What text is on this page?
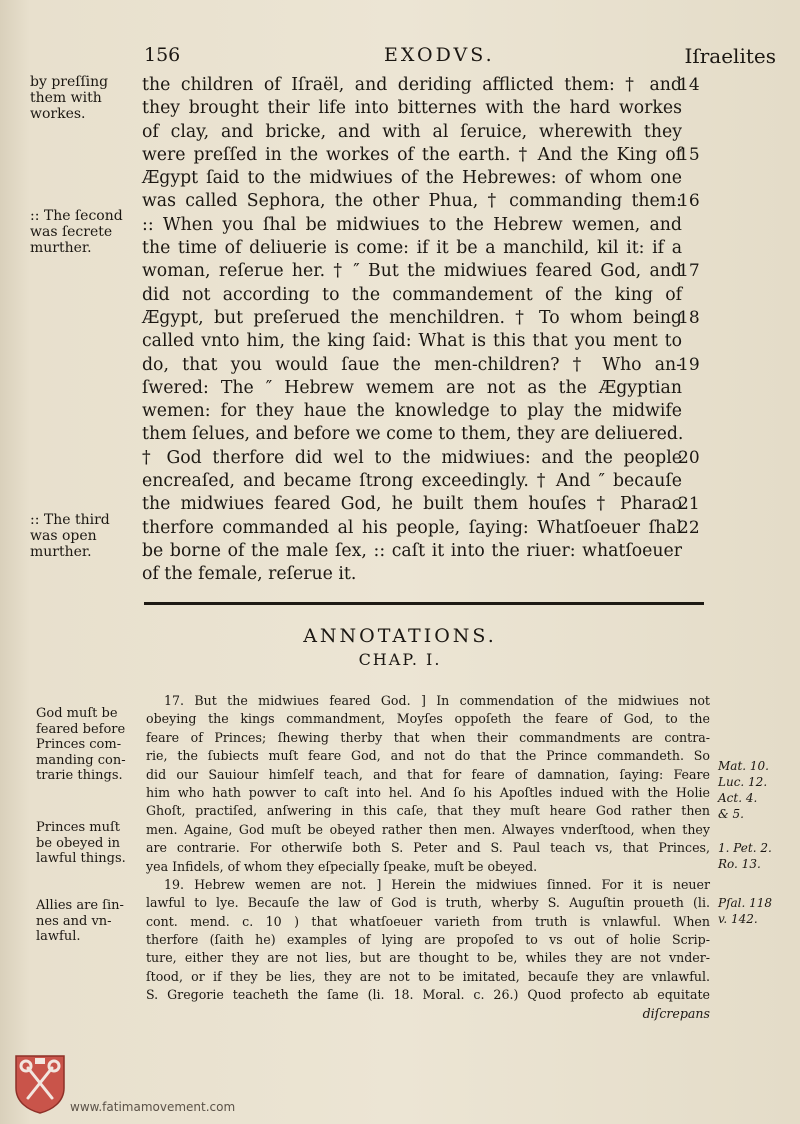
156	EXODVS.	Iſraelites
by preſſing
them with
workes.
:: The ſecond
was ſecrete
murther.
:: The third
was open
murther.
the children of Iſraël, and deriding afflicted them: † and
they brought their life into bitternes with the hard workes
of clay, and bricke, and with al ſeruice, wherewith they
were preſſed in the workes of the earth. † And the King of
Ægypt ſaid to the midwiues of the Hebrewes: of whom one
was called Sephora, the other Phua, † commanding them:
:: When you ſhal be midwiues to the Hebrew wemen, and
the time of deliuerie is come: if it be a manchild, kil it: if a
woman, reſerue her. † ″ But the midwiues feared God, and
did not according to the commandement of the king of
Ægypt, but preſerued the menchildren. † To whom being
called vnto him, the king ſaid: What is this that you ment to
do, that you would ſaue the men-children? † Who an-
ſwered: The ″ Hebrew wemem are not as the Ægyptian
wemen: for they haue the knowledge to play the midwife
them ſelues, and before we come to them, they are deliuered.
† God therfore did wel to the midwiues: and the people
encreaſed, and became ſtrong exceedingly. † And ″ becauſe
the midwiues feared God, he built them houſes † Pharao
therfore commanded al his people, ſaying: Whatſoeuer ſhal
be borne of the male ſex, :: caſt it into the riuer: whatſoeuer
of the female, reſerue it.
14
15
16
17
18
19
20
21
22
ANNOTATIONS.
CHAP. I.
God muſt be
feared before
Princes com-
manding con-
trarie things.
Princes muſt
be obeyed in
lawful things.
Allies are ſin-
nes and vn-
lawful.
17. But the midwiues feared God. ] In commendation of the midwiues not
obeying the kings commandment, Moyſes oppoſeth the feare of God, to the
feare of Princes; ſhewing therby that when their commandments are contra-
rie, the ſubiects muſt feare God, and not do that the Prince commandeth. So
did our Sauiour himſelf teach, and that for feare of damnation, ſaying: Feare
him who hath powver to caſt into hel. And ſo his Apoſtles indued with the Holie
Ghoſt, practiſed, anſwering in this caſe, that they muſt heare God rather then
men. Againe, God muſt be obeyed rather then men. Alwayes vnderſtood, when they
are contrarie. For otherwiſe both S. Peter and S. Paul teach vs, that Princes,
yea Infidels, of whom they eſpecially ſpeake, muſt be obeyed.
19. Hebrew wemen are not. ] Herein the midwiues ſinned. For it is neuer
lawful to lye. Becauſe the law of God is truth, wherby S. Auguſtin proueth (li.
cont. mend. c. 10 ) that whatſoeuer varieth from truth is vnlawful. When
therfore (ſaith he) examples of lying are propoſed to vs out of holie Scrip-
ture, either they are not lies, but are thought to be, whiles they are not vnder-
ſtood, or if they be lies, they are not to be imitated, becauſe they are vnlawful.
S. Gregorie teacheth the ſame (li. 18. Moral. c. 26.) Quod profecto ab equitate
diſcrepans
Mat. 10.
Luc. 12.
Act. 4.
& 5.
1. Pet. 2.
Ro. 13.
Pſal. 118
v. 142.
www.fatimamovement.com
